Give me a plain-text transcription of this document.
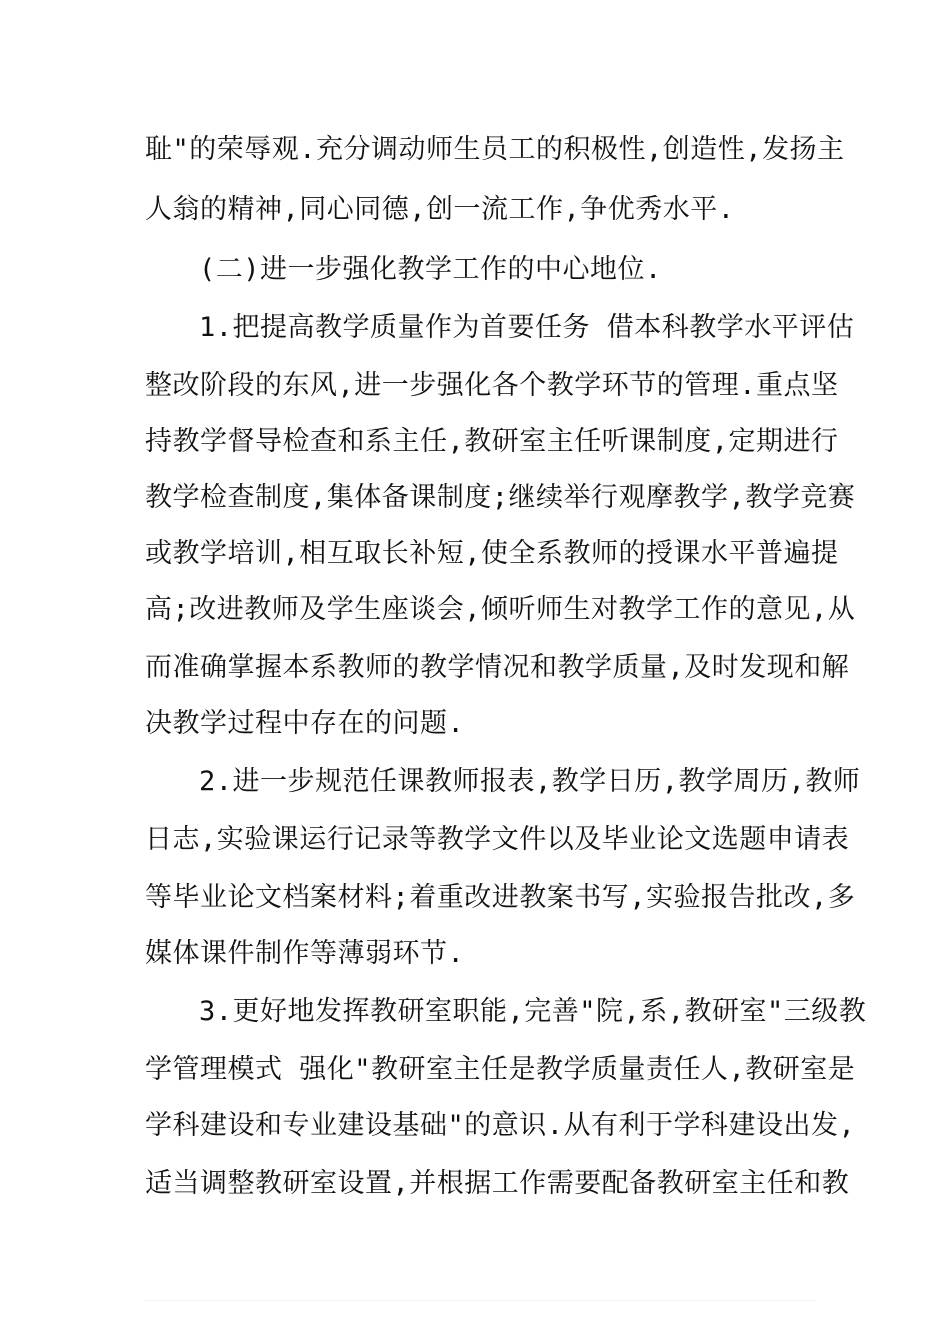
耻"的荣辱观.充分调动师生员工的积极性,创造性,发扬主
人翁的精神,同心同德,创一流工作,争优秀水平.
(二)进一步强化教学工作的中心地位.
1.把提高教学质量作为首要任务 借本科教学水平评估
整改阶段的东风,进一步强化各个教学环节的管理.重点坚
持教学督导检查和系主任,教研室主任听课制度,定期进行
教学检查制度,集体备课制度;继续举行观摩教学,教学竞赛
或教学培训,相互取长补短,使全系教师的授课水平普遍提
高;改进教师及学生座谈会,倾听师生对教学工作的意见,从
而准确掌握本系教师的教学情况和教学质量,及时发现和解
决教学过程中存在的问题.
2.进一步规范任课教师报表,教学日历,教学周历,教师
日志,实验课运行记录等教学文件以及毕业论文选题申请表
等毕业论文档案材料;着重改进教案书写,实验报告批改,多
媒体课件制作等薄弱环节.
3.更好地发挥教研室职能,完善"院,系,教研室"三级教
学管理模式 强化"教研室主任是教学质量责任人,教研室是
学科建设和专业建设基础"的意识.从有利于学科建设出发,
适当调整教研室设置,并根据工作需要配备教研室主任和教
